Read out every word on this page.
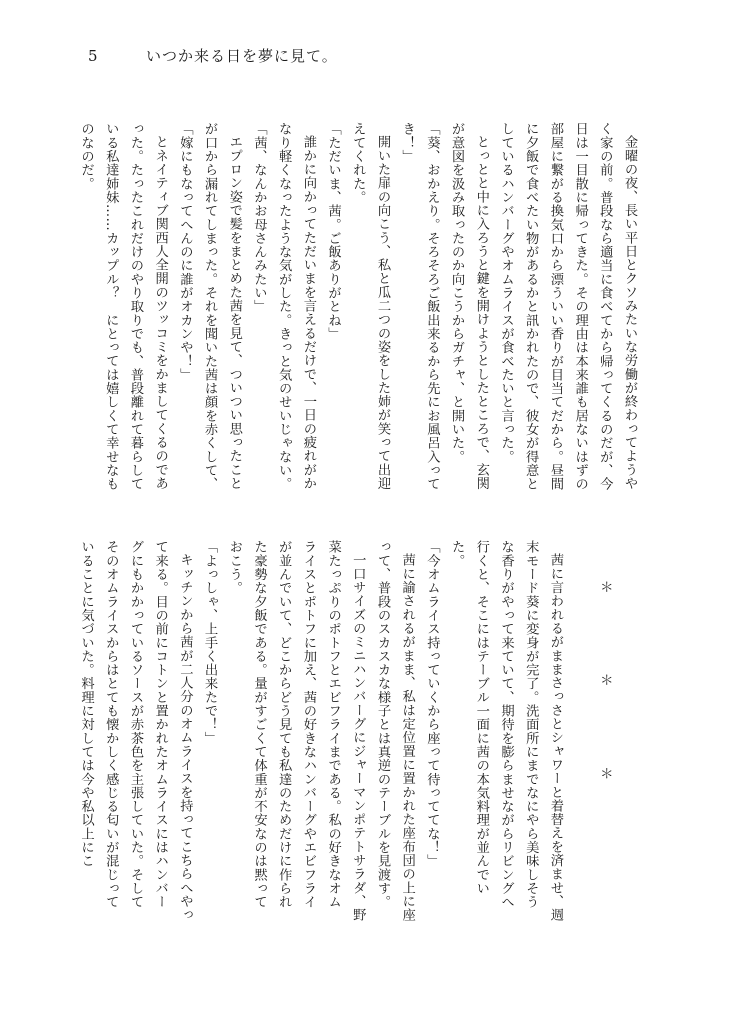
5	いつか来る日を夢に見て。

金曜の夜、長い平日とクソみたいな労働が終わってようやく家の前。普段なら適当に食べてから帰ってくるのだが、今日は一目散に帰ってきた。その理由は本来誰も居ないはずの部屋に繋がる換気口から漂ういい香りが目当てだから。昼間に夕飯で食べたい物があるかと訊かれたので、彼女が得意としているハンバーグやオムライスが食べたいと言った。

とっとと中に入ろうと鍵を開けようとしたところで、玄関が意図を汲み取ったのか向こうからガチャ、と開いた。

「葵、おかえり。そろそろご飯出来るから先にお風呂入ってき！」

開いた扉の向こう、私と瓜二つの姿をした姉が笑って出迎えてくれた。

「ただいま、茜。ご飯ありがとね」

誰かに向かってただいまを言えるだけで、一日の疲れがかなり軽くなったような気がした。きっと気のせいじゃない。

「茜、なんかお母さんみたい」

エプロン姿で髪をまとめた茜を見て、ついつい思ったことが口から漏れてしまった。それを聞いた茜は顔を赤くして、

「嫁にもなってへんのに誰がオカンや！」

とネイティブ関西人全開のツッコミをかましてくるのであった。たったこれだけのやり取りでも、普段離れて暮らしている私達姉妹……カップル？　にとっては嬉しくて幸せなものなのだ。

＊　＊　＊

茜に言われるがままさっさとシャワーと着替えを済ませ、週末モード葵に変身が完了。洗面所にまでなにやら美味しそうな香りがやって来ていて、期待を膨らませながらリビングへ行くと、そこにはテーブル一面に茜の本気料理が並んでいた。

「今オムライス持っていくから座って待っててな！」

茜に諭されるがまま、私は定位置に置かれた座布団の上に座って、普段のスカスカな様子とは真逆のテーブルを見渡す。

一口サイズのミニハンバーグにジャーマンポテトサラダ、野菜たっぷりのポトフとエビフライまである。私の好きなオムライスとポトフに加え、茜の好きなハンバーグやエビフライが並んでいて、どこからどう見ても私達のためだけに作られた豪勢な夕飯である。量がすごくて体重が不安なのは黙っておこう。

「よっしゃ、上手く出来たで！」

キッチンから茜が二人分のオムライスを持ってこちらへやって来る。目の前にコトンと置かれたオムライスにはハンバーグにもかかっているソースが赤茶色を主張していた。そしてそのオムライスからはとても懐かしく感じる匂いが混じっていることに気づいた。料理に対しては今や私以上にこ
